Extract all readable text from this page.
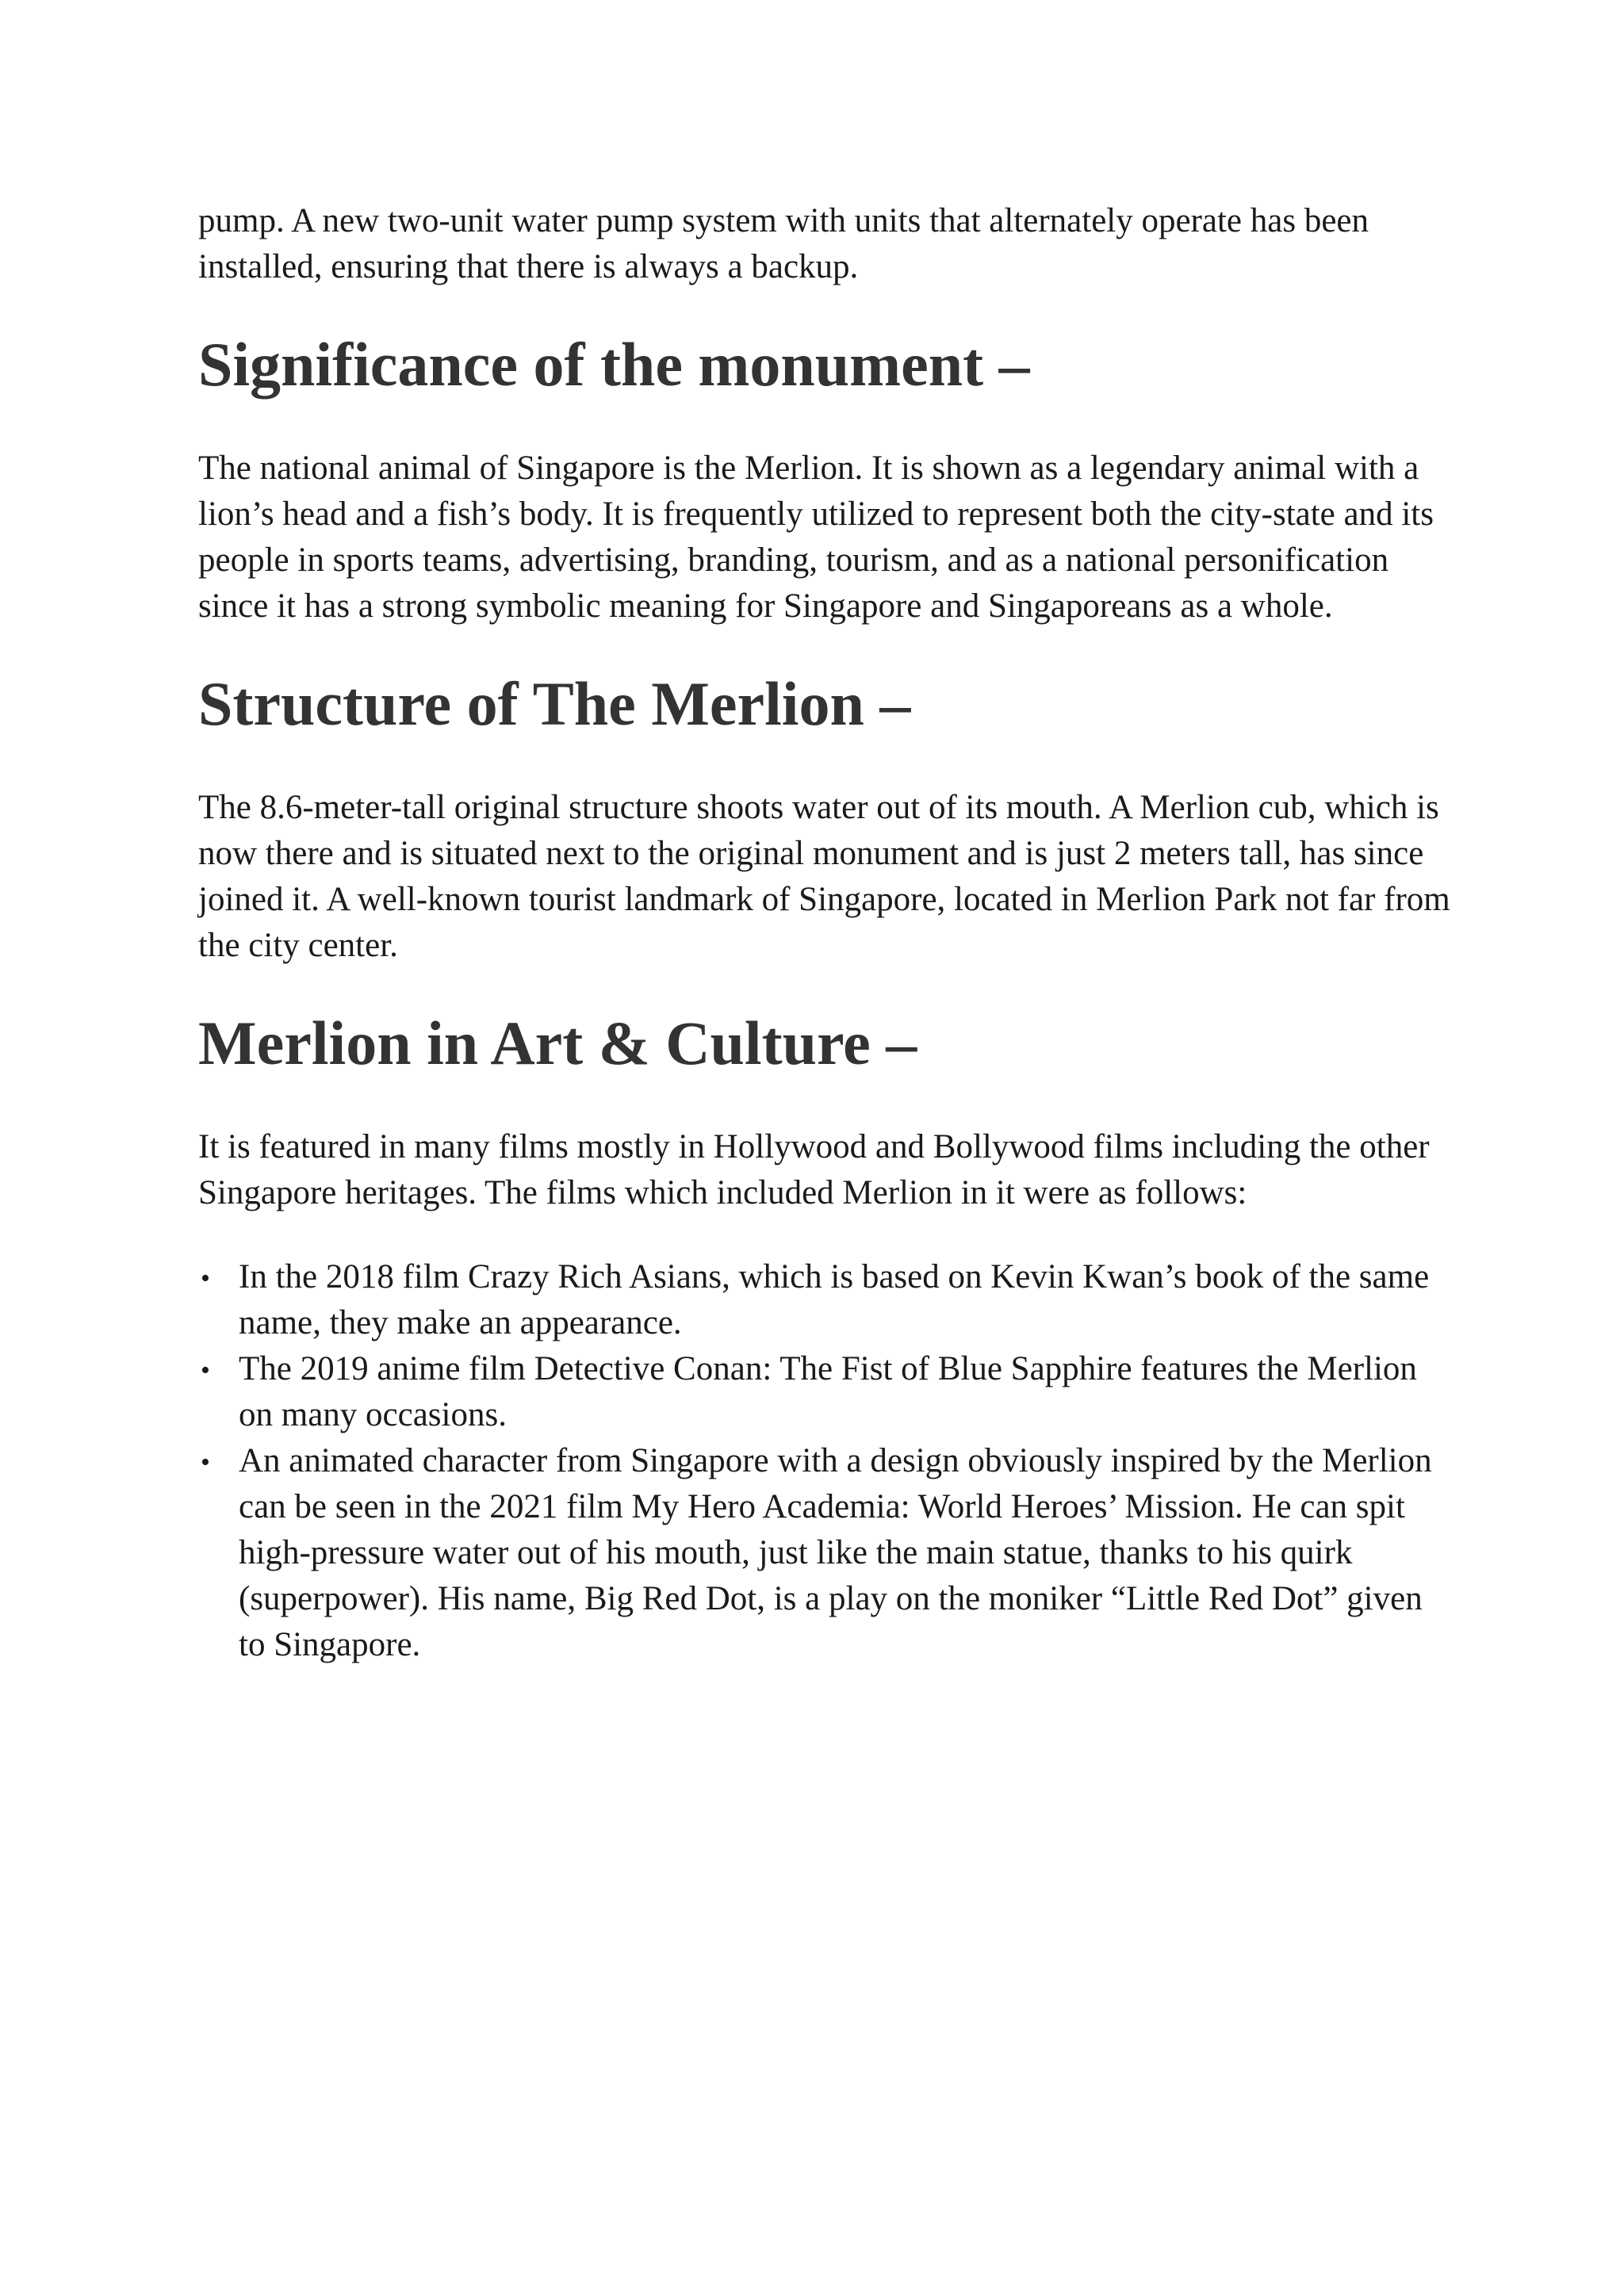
pump. A new two-unit water pump system with units that alternately operate has been installed, ensuring that there is always a backup.

Significance of the monument –

The national animal of Singapore is the Merlion. It is shown as a legendary animal with a lion’s head and a fish’s body. It is frequently utilized to represent both the city-state and its people in sports teams, advertising, branding, tourism, and as a national personification since it has a strong symbolic meaning for Singapore and Singaporeans as a whole.

Structure of The Merlion –

The 8.6-meter-tall original structure shoots water out of its mouth. A Merlion cub, which is now there and is situated next to the original monument and is just 2 meters tall, has since joined it. A well-known tourist landmark of Singapore, located in Merlion Park not far from the city center.

Merlion in Art & Culture –

It is featured in many films mostly in Hollywood and Bollywood films including the other Singapore heritages. The films which included Merlion in it were as follows:

• In the 2018 film Crazy Rich Asians, which is based on Kevin Kwan’s book of the same name, they make an appearance.
• The 2019 anime film Detective Conan: The Fist of Blue Sapphire features the Merlion on many occasions.
• An animated character from Singapore with a design obviously inspired by the Merlion can be seen in the 2021 film My Hero Academia: World Heroes’ Mission. He can spit high-pressure water out of his mouth, just like the main statue, thanks to his quirk (superpower). His name, Big Red Dot, is a play on the moniker “Little Red Dot” given to Singapore.
